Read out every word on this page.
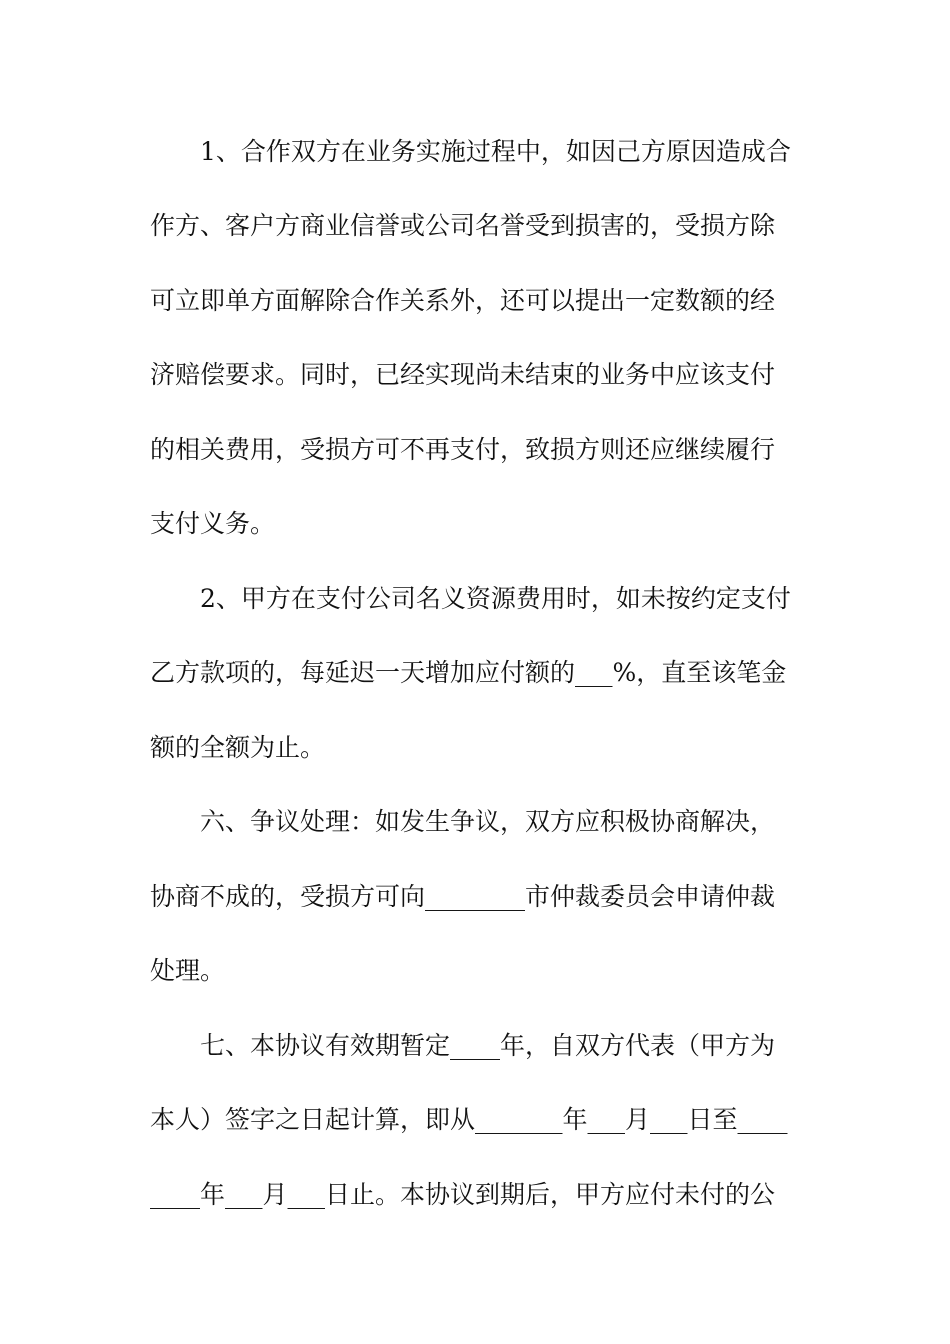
1、合作双方在业务实施过程中，如因己方原因造成合
作方、客户方商业信誉或公司名誉受到损害的，受损方除
可立即单方面解除合作关系外，还可以提出一定数额的经
济赔偿要求。同时，已经实现尚未结束的业务中应该支付
的相关费用，受损方可不再支付，致损方则还应继续履行
支付义务。
2、甲方在支付公司名义资源费用时，如未按约定支付
乙方款项的，每延迟一天增加应付额的___%，直至该笔金
额的全额为止。
六、争议处理：如发生争议，双方应积极协商解决，
协商不成的，受损方可向________市仲裁委员会申请仲裁
处理。
七、本协议有效期暂定____年，自双方代表（甲方为
本人）签字之日起计算，即从_______年___月___日至____
____年___月___日止。本协议到期后，甲方应付未付的公
